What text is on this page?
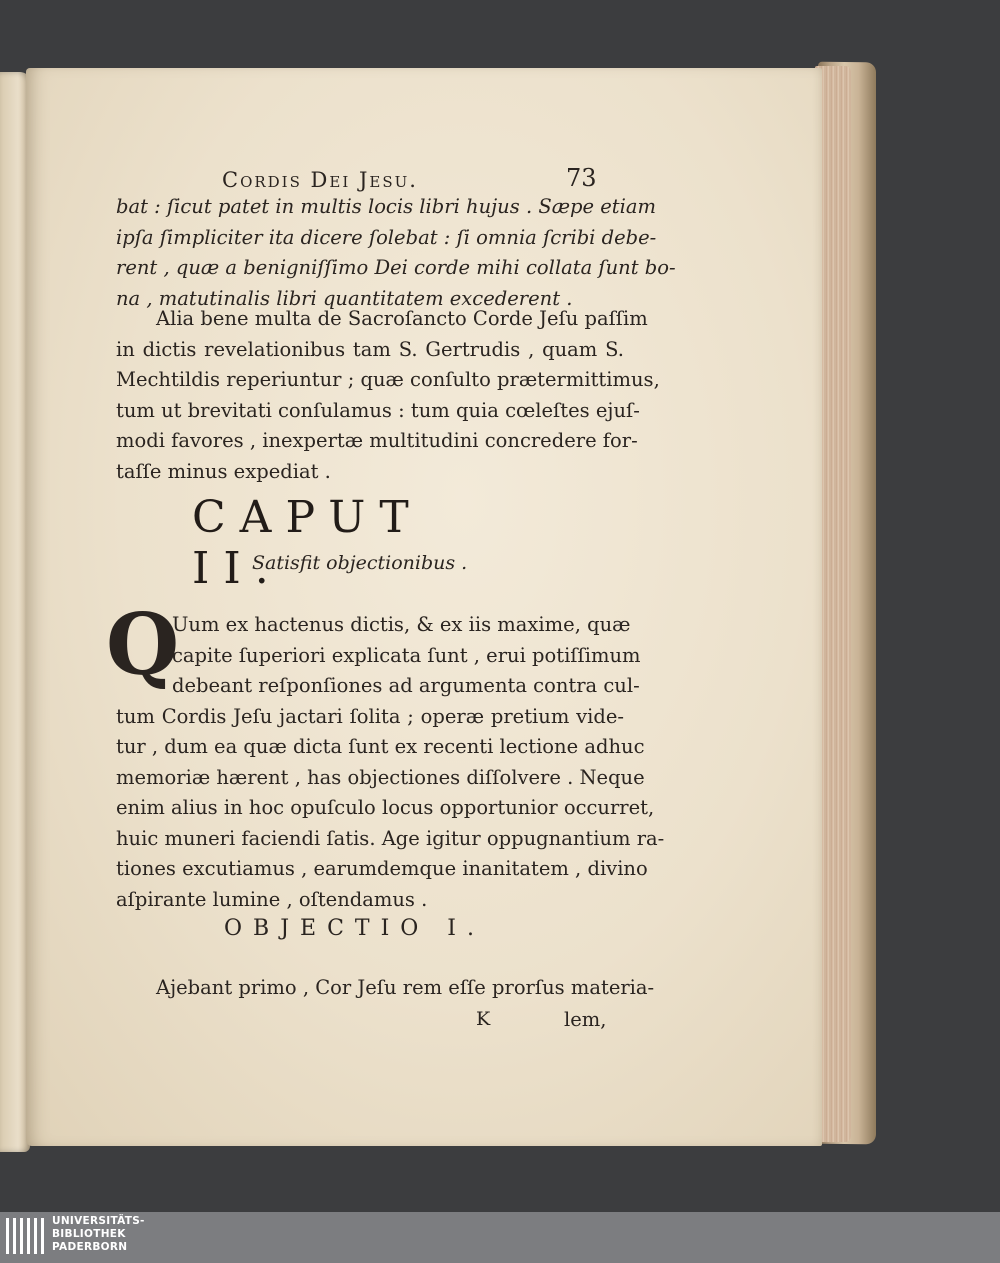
Cordis Dei Jesu.	73
bat : ſicut patet in multis locis libri hujus . Sæpe etiam
ipſa ſimpliciter ita dicere ſolebat : ſi omnia ſcribi debe-
rent , quæ a benigniſſimo Dei corde mihi collata ſunt bo-
na , matutinalis libri quantitatem excederent .
Alia bene multa de Sacroſancto Corde Jeſu paſſim
in dictis revelationibus tam S. Gertrudis , quam S.
Mechtildis reperiuntur ; quæ conſulto prætermittimus,
tum ut brevitati conſulamus : tum quia cœleſtes ejuſ-
modi favores , inexpertæ multitudini concredere for-
taſſe minus expediat .
CAPUT II.
Satisfit objectionibus .
Q
Uum ex hactenus dictis, & ex iis maxime, quæ
capite ſuperiori explicata ſunt , erui potiſſimum
debeant reſponſiones ad argumenta contra cul-
tum Cordis Jeſu jactari ſolita ; operæ pretium vide-
tur , dum ea quæ dicta ſunt ex recenti lectione adhuc
memoriæ hærent , has objectiones diſſolvere . Neque
enim alius in hoc opuſculo locus opportunior occurret,
huic muneri faciendi ſatis. Age igitur oppugnantium ra-
tiones excutiamus , earumdemque inanitatem , divino
aſpirante lumine , oſtendamus .
OBJECTIO I.
Ajebant primo , Cor Jeſu rem eſſe prorſus materia-
K	lem,
UNIVERSITÄTS-
BIBLIOTHEK
PADERBORN
